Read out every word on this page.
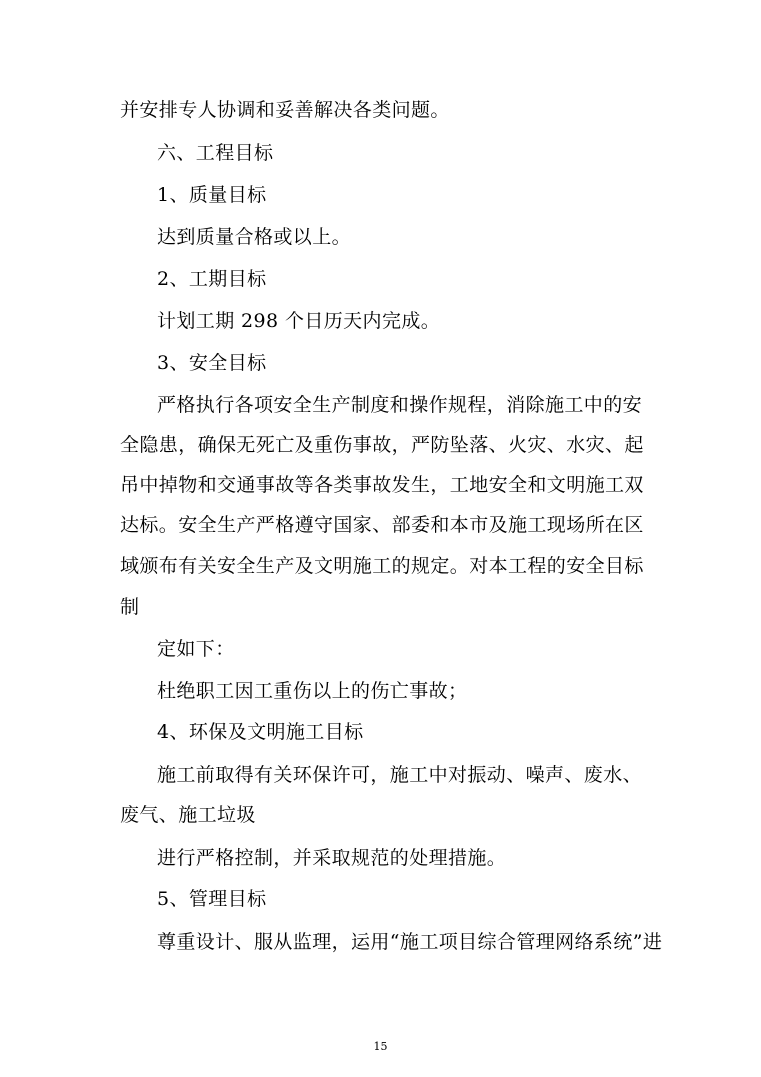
并安排专人协调和妥善解决各类问题。
六、工程目标
1、质量目标
达到质量合格或以上。
2、工期目标
计划工期 298 个日历天内完成。
3、安全目标
严格执行各项安全生产制度和操作规程，消除施工中的安
全隐患，确保无死亡及重伤事故，严防坠落、火灾、水灾、起
吊中掉物和交通事故等各类事故发生，工地安全和文明施工双
达标。安全生产严格遵守国家、部委和本市及施工现场所在区
域颁布有关安全生产及文明施工的规定。对本工程的安全目标
制
定如下：
杜绝职工因工重伤以上的伤亡事故；
4、环保及文明施工目标
施工前取得有关环保许可，施工中对振动、噪声、废水、
废气、施工垃圾
进行严格控制，并采取规范的处理措施。
5、管理目标
尊重设计、服从监理，运用“施工项目综合管理网络系统”进
15
